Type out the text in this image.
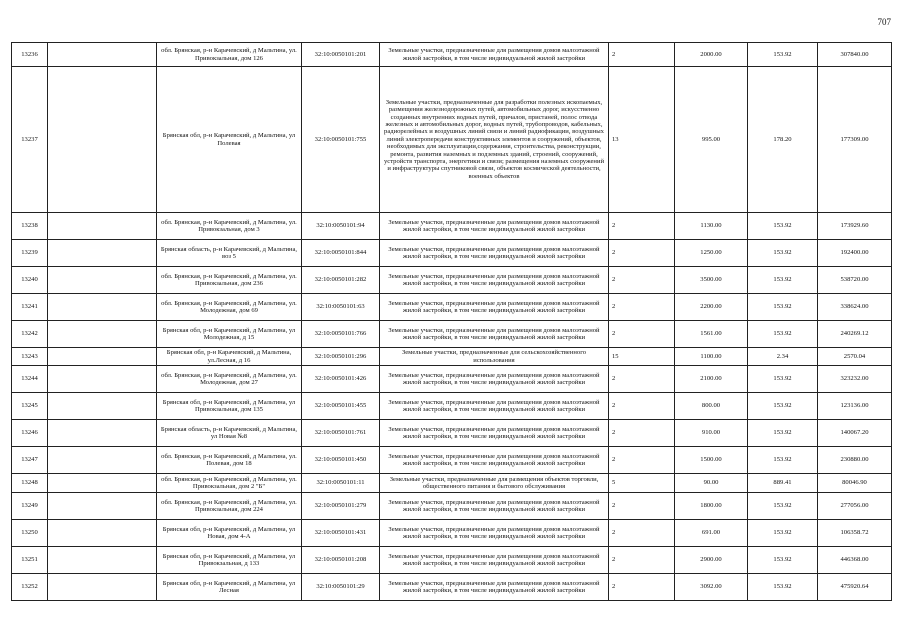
707
13236		обл. Брянская, р-н Карачевский, д Мальтина, ул. Привокзальная, дом 126	32:10:0050101:201	Земельные участки, предназначенные для размещения домов малоэтажной жилой застройки, в том числе индивидуальной жилой застройки	2	2000.00	153.92	307840.00
13237		Брянская обл, р-н Карачевский, д Мальтина, ул Полевая	32:10:0050101:755	Земельные участки, предназначенные для разработки полезных ископаемых, размещения железнодорожных путей, автомобильных дорог, искусственно созданных внутренних водных путей, причалов, пристаней, полос отвода железных и автомобильных дорог, водных путей, трубопроводов, кабельных, радиорелейных и воздушных линий связи и линий радиофикации, воздушных линий электропередачи конструктивных элементов и сооружений, объектов, необходимых для эксплуатации,содержания, строительства, реконструкции, ремонта, развития наземных и подземных зданий, строений, сооружений, устройств транспорта, энергетики и связи; размещения наземных сооружений и инфраструктуры спутниковой связи, объектов космической деятельности, военных объектов	13	995.00	178.20	177309.00
13238		обл. Брянская, р-н Карачевский, д Мальтина, ул. Привокзальная, дом 3	32:10:0050101:94	Земельные участки, предназначенные для размещения домов малоэтажной жилой застройки, в том числе индивидуальной жилой застройки	2	1130.00	153.92	173929.60
13239		Брянская область, р-н Карачевский, д Мальтина, воз 5	32:10:0050101:844	Земельные участки, предназначенные для размещения домов малоэтажной жилой застройки, в том числе индивидуальной жилой застройки	2	1250.00	153.92	192400.00
13240		обл. Брянская, р-н Карачевский, д Мальтина, ул. Привокзальная, дом 236	32:10:0050101:282	Земельные участки, предназначенные для размещения домов малоэтажной жилой застройки, в том числе индивидуальной жилой застройки	2	3500.00	153.92	538720.00
13241		обл. Брянская, р-н Карачевский, д Мальтина, ул. Молодежная, дом 69	32:10:0050101:63	Земельные участки, предназначенные для размещения домов малоэтажной жилой застройки, в том числе индивидуальной жилой застройки	2	2200.00	153.92	338624.00
13242		Брянская обл, р-н Карачевский, д Мальтина, ул Молодежная, д 15	32:10:0050101:766	Земельные участки, предназначенные для размещения домов малоэтажной жилой застройки, в том числе индивидуальной жилой застройки	2	1561.00	153.92	240269.12
13243		Брянская обл, р-н Карачевский, д Мальтина, ул.Лесная, д 16	32:10:0050101:296	Земельные участки, предназначенные для сельскохозяйственного использования	15	1100.00	2.34	2570.04
13244		обл. Брянская, р-н Карачевский, д Мальтина, ул. Молодежная, дом 27	32:10:0050101:426	Земельные участки, предназначенные для размещения домов малоэтажной жилой застройки, в том числе индивидуальной жилой застройки	2	2100.00	153.92	323232.00
13245		Брянская обл, р-н Карачевский, д Мальтина, ул Привокзальная, дом 135	32:10:0050101:455	Земельные участки, предназначенные для размещения домов малоэтажной жилой застройки, в том числе индивидуальной жилой застройки	2	800.00	153.92	123136.00
13246		Брянская область, р-н Карачевский, д Мальтина, ул Новая №8	32:10:0050101:761	Земельные участки, предназначенные для размещения домов малоэтажной жилой застройки, в том числе индивидуальной жилой застройки	2	910.00	153.92	140067.20
13247		обл. Брянская, р-н Карачевский, д Мальтина, ул. Полевая, дом 18	32:10:0050101:450	Земельные участки, предназначенные для размещения домов малоэтажной жилой застройки, в том числе индивидуальной жилой застройки	2	1500.00	153.92	230880.00
13248		обл. Брянская, р-н Карачевский, д Мальтина, ул. Привокзальная, дом 2 "Б"	32:10:0050101:11	Земельные участки, предназначенные для размещения объектов торговли, общественного питания и бытового обслуживания	5	90.00	889.41	80046.90
13249		обл. Брянская, р-н Карачевский, д Мальтина, ул. Привокзальная, дом 224	32:10:0050101:279	Земельные участки, предназначенные для размещения домов малоэтажной жилой застройки, в том числе индивидуальной жилой застройки	2	1800.00	153.92	277056.00
13250		Брянская обл, р-н Карачевский, д Мальтина, ул Новая, дом 4-А	32:10:0050101:431	Земельные участки, предназначенные для размещения домов малоэтажной жилой застройки, в том числе индивидуальной жилой застройки	2	691.00	153.92	106358.72
13251		Брянская обл, р-н Карачевский, д Мальтина, ул Привокзальная, д 133	32:10:0050101:208	Земельные участки, предназначенные для размещения домов малоэтажной жилой застройки, в том числе индивидуальной жилой застройки	2	2900.00	153.92	446368.00
13252		Брянская обл, р-н Карачевский, д Мальтина, ул Лесная	32:10:0050101:29	Земельные участки, предназначенные для размещения домов малоэтажной жилой застройки, в том числе индивидуальной жилой застройки	2	3092.00	153.92	475920.64
